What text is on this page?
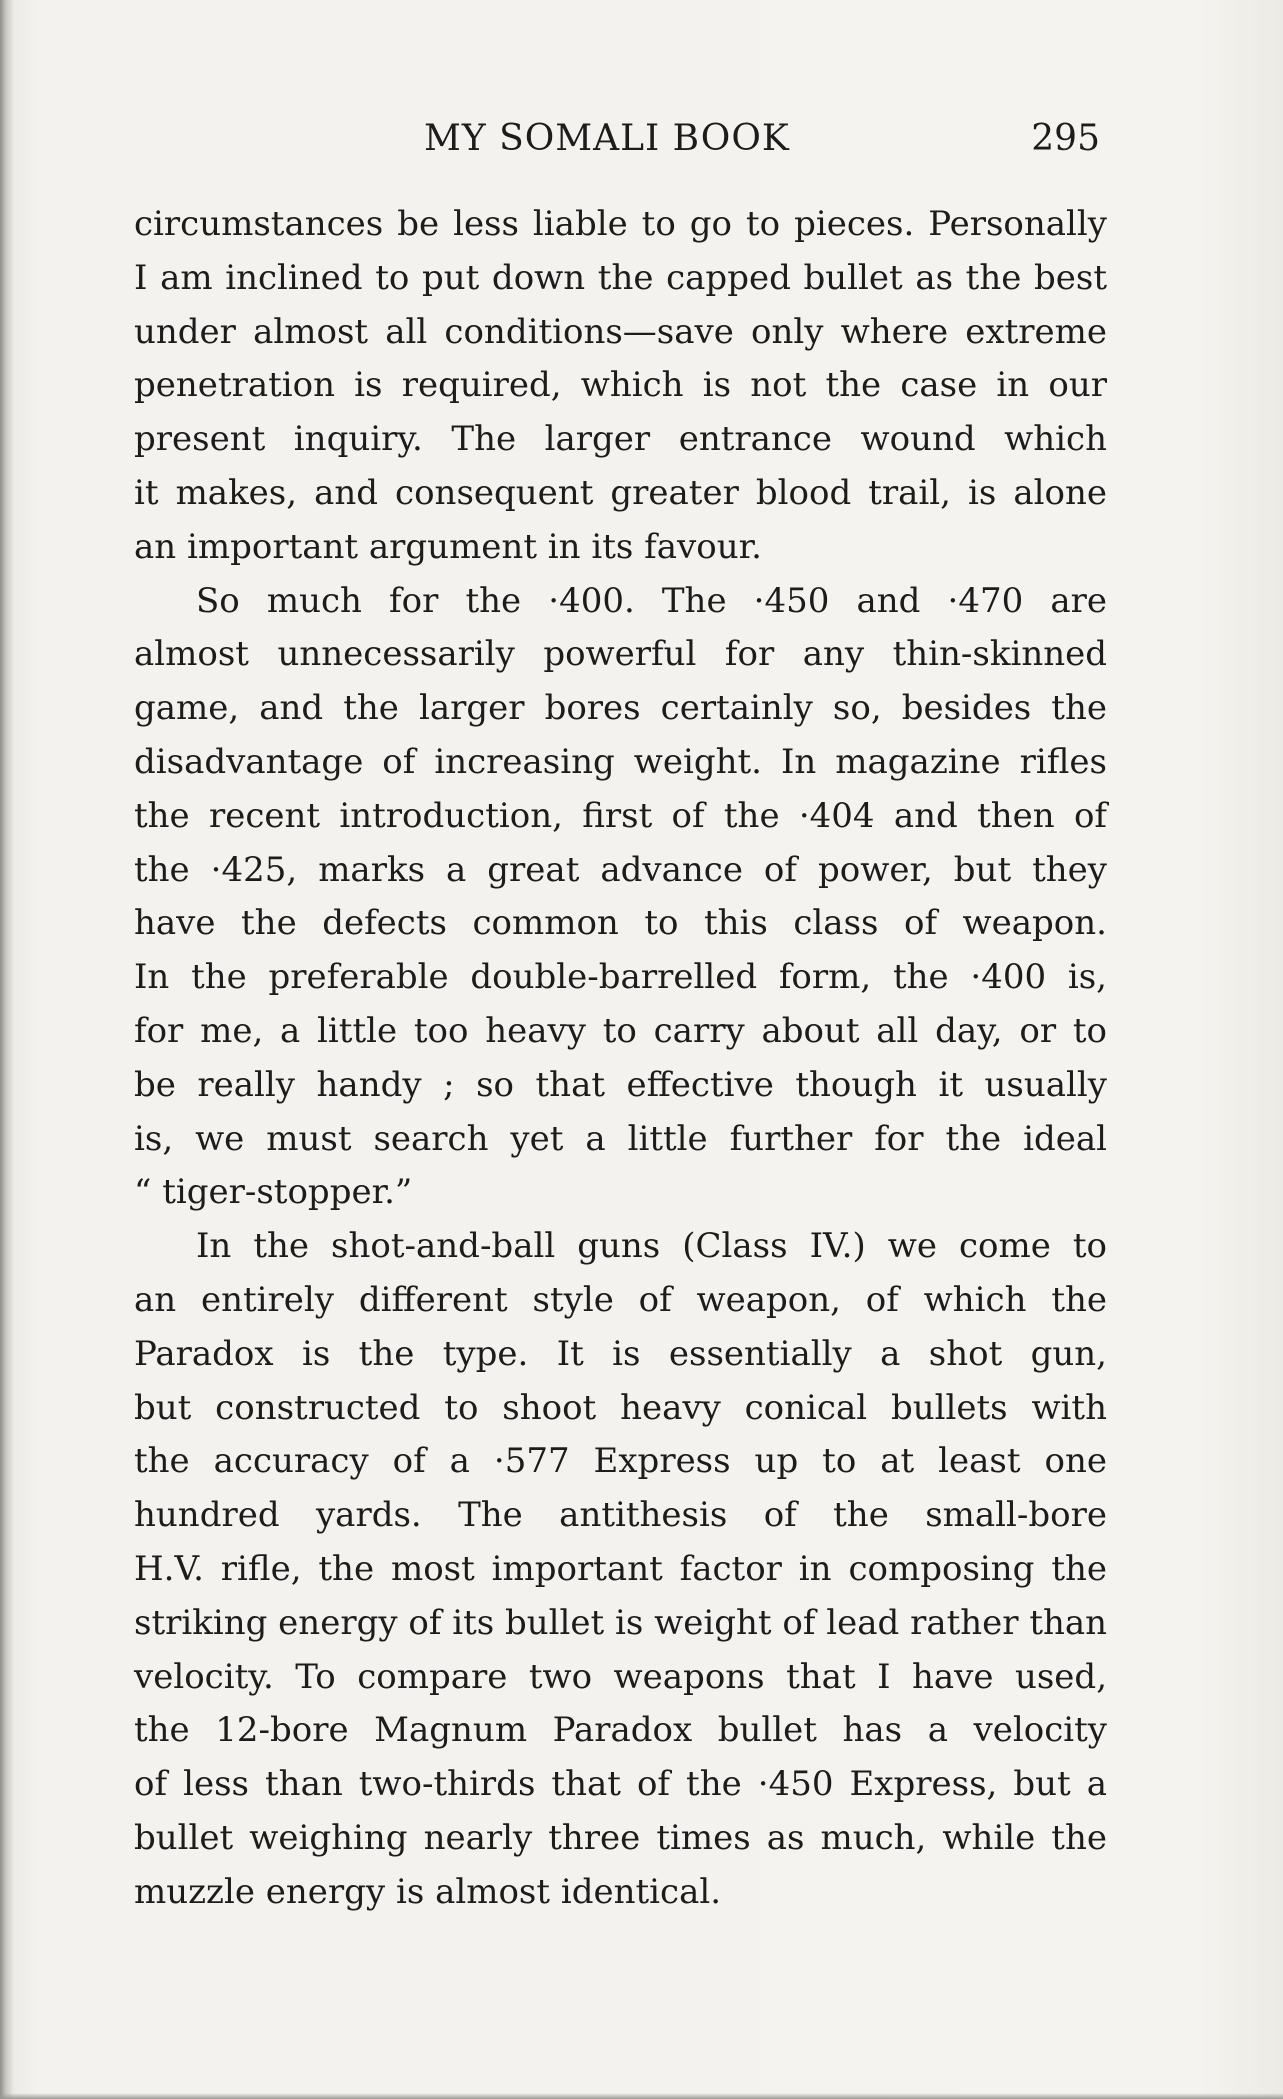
MY SOMALI BOOK	295
circumstances be less liable to go to pieces. Personally
I am inclined to put down the capped bullet as the best
under almost all conditions—save only where extreme
penetration is required, which is not the case in our
present inquiry. The larger entrance wound which
it makes, and consequent greater blood trail, is alone
an important argument in its favour.
So much for the ·400. The ·450 and ·470 are
almost unnecessarily powerful for any thin-skinned
game, and the larger bores certainly so, besides the
disadvantage of increasing weight. In magazine rifles
the recent introduction, first of the ·404 and then of
the ·425, marks a great advance of power, but they
have the defects common to this class of weapon.
In the preferable double-barrelled form, the ·400 is,
for me, a little too heavy to carry about all day, or to
be really handy ; so that effective though it usually
is, we must search yet a little further for the ideal
“ tiger-stopper.”
In the shot-and-ball guns (Class IV.) we come to
an entirely different style of weapon, of which the
Paradox is the type. It is essentially a shot gun,
but constructed to shoot heavy conical bullets with
the accuracy of a ·577 Express up to at least one
hundred yards. The antithesis of the small-bore
H.V. rifle, the most important factor in composing the
striking energy of its bullet is weight of lead rather than
velocity. To compare two weapons that I have used,
the 12-bore Magnum Paradox bullet has a velocity
of less than two-thirds that of the ·450 Express, but a
bullet weighing nearly three times as much, while the
muzzle energy is almost identical.
